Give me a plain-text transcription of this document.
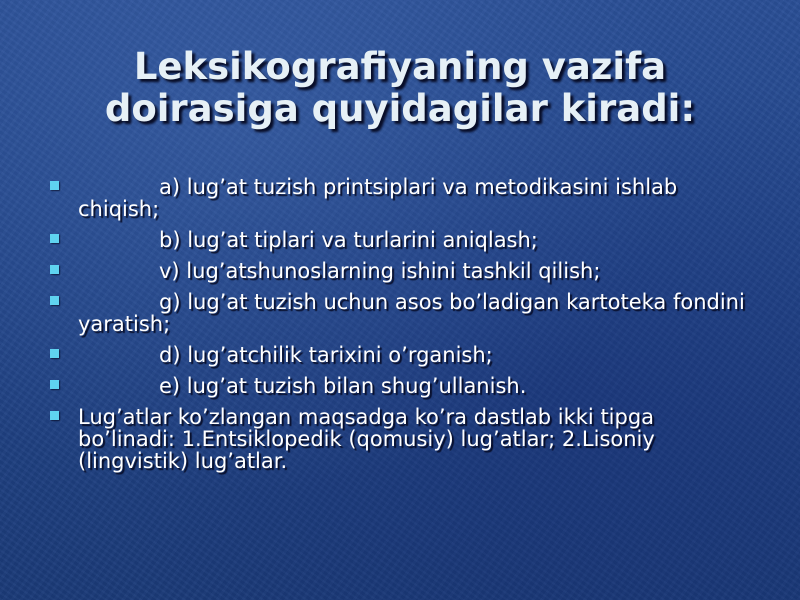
Leksikografiyaning vazifa
doirasiga quyidagilar kiradi:
a) lug’at tuzish printsiplari va metodikasini ishlab chiqish;
b) lug’at tiplari va turlarini aniqlash;
v) lug’atshunoslarning ishini tashkil qilish;
g) lug’at tuzish uchun asos bo’ladigan kartoteka fondini yaratish;
d) lug’atchilik tarixini o’rganish;
e) lug’at tuzish bilan shug’ullanish.
Lug’atlar ko’zlangan maqsadga ko’ra dastlab ikki tipga bo’linadi: 1.Entsiklopedik (qomusiy) lug’atlar; 2.Lisoniy (lingvistik) lug’atlar.
